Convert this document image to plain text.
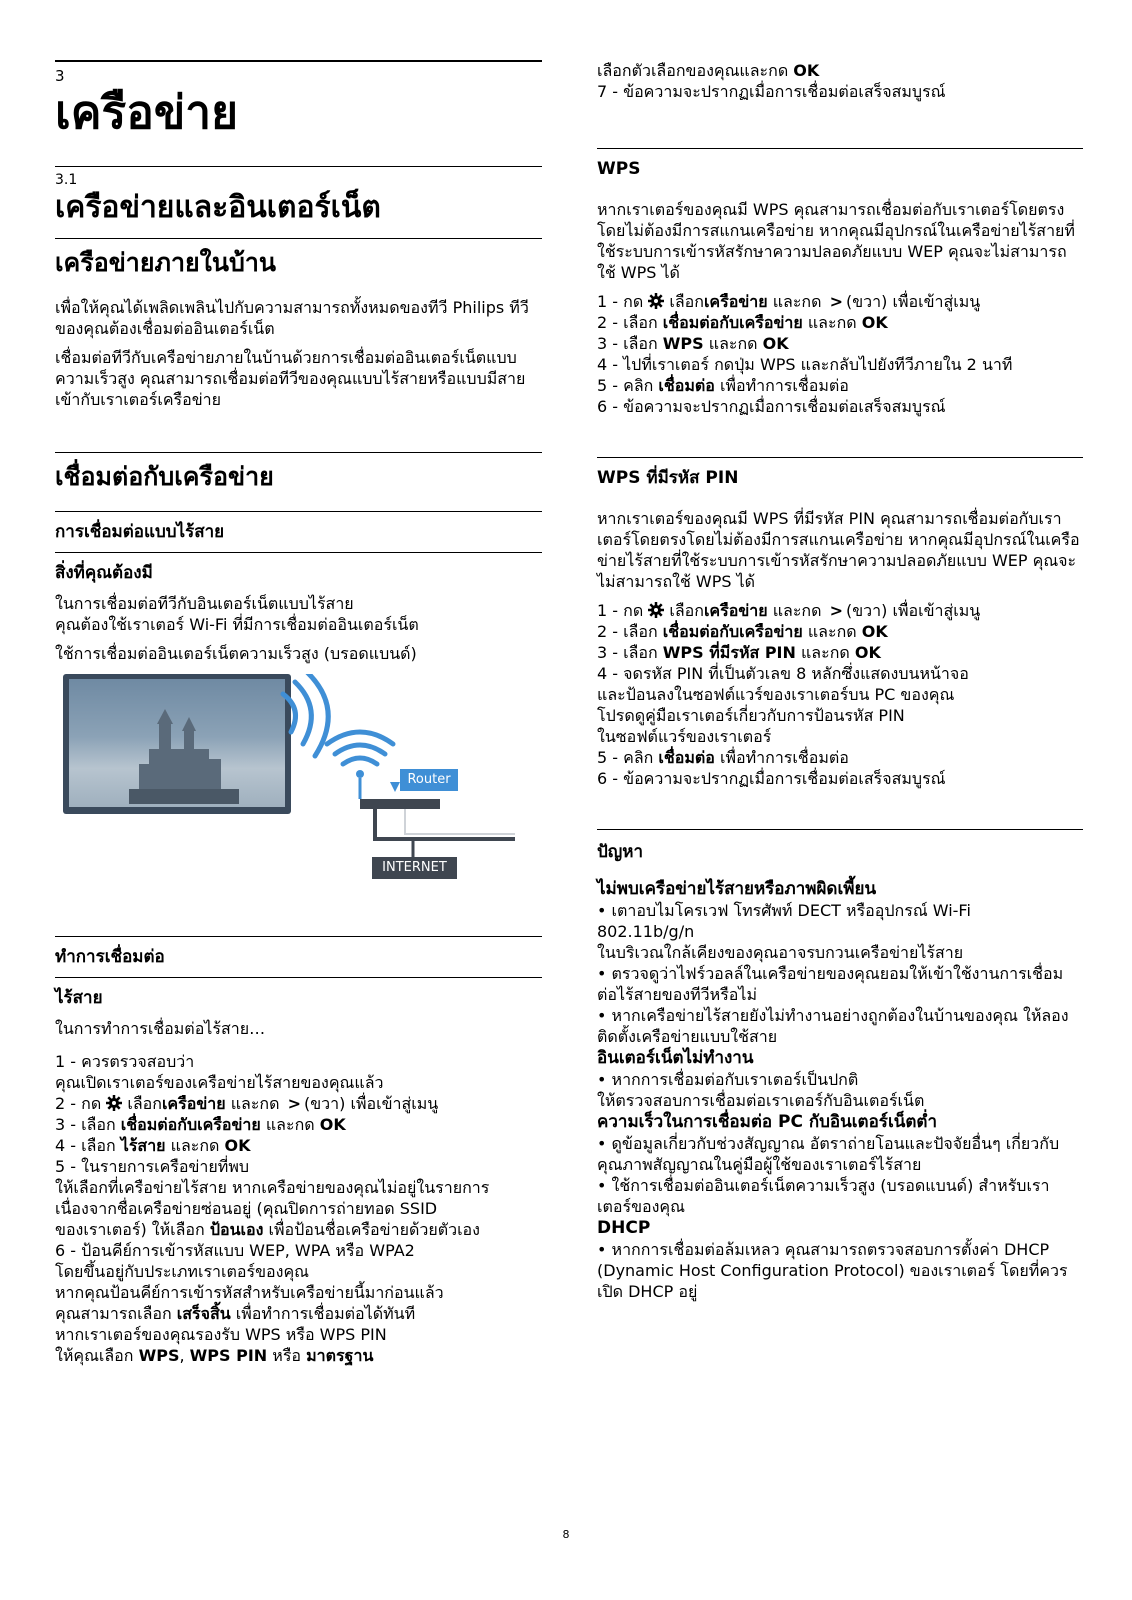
3
เครือข่าย
3.1
เครือข่ายและอินเตอร์เน็ต
เครือข่ายภายในบ้าน

เพื่อให้คุณได้เพลิดเพลินไปกับความสามารถทั้งหมดของทีวี Philips ทีวีของคุณต้องเชื่อมต่ออินเตอร์เน็ต

เชื่อมต่อทีวีกับเครือข่ายภายในบ้านด้วยการเชื่อมต่ออินเตอร์เน็ตแบบความเร็วสูง คุณสามารถเชื่อมต่อทีวีของคุณแบบไร้สายหรือแบบมีสายเข้ากับเราเตอร์เครือข่าย

เชื่อมต่อกับเครือข่าย
การเชื่อมต่อแบบไร้สาย
สิ่งที่คุณต้องมี
ในการเชื่อมต่อทีวีกับอินเตอร์เน็ตแบบไร้สาย

คุณต้องใช้เราเตอร์ Wi-Fi ที่มีการเชื่อมต่ออินเตอร์เน็ต

ใช้การเชื่อมต่ออินเตอร์เน็ตความเร็วสูง (บรอดแบนด์)

Router
INTERNET
ทำการเชื่อมต่อ
ไร้สาย

ในการทำการเชื่อมต่อไร้สาย…

1 - ควรตรวจสอบว่า
คุณเปิดเราเตอร์ของเครือข่ายไร้สายของคุณแล้ว
2 - กด  เลือกเครือข่าย และกด > (ขวา) เพื่อเข้าสู่เมนู
3 - เลือก เชื่อมต่อกับเครือข่าย และกด OK
4 - เลือก ไร้สาย และกด OK
5 - ในรายการเครือข่ายที่พบ
ให้เลือกที่เครือข่ายไร้สาย หากเครือข่ายของคุณไม่อยู่ในรายการ
เนื่องจากชื่อเครือข่ายซ่อนอยู่ (คุณปิดการถ่ายทอด SSID
ของเราเตอร์) ให้เลือก ป้อนเอง เพื่อป้อนชื่อเครือข่ายด้วยตัวเอง
6 - ป้อนคีย์การเข้ารหัสแบบ WEP, WPA หรือ WPA2
โดยขึ้นอยู่กับประเภทเราเตอร์ของคุณ
หากคุณป้อนคีย์การเข้ารหัสสำหรับเครือข่ายนี้มาก่อนแล้ว
คุณสามารถเลือก เสร็จสิ้น เพื่อทำการเชื่อมต่อได้ทันที
หากเราเตอร์ของคุณรองรับ WPS หรือ WPS PIN
ให้คุณเลือก WPS, WPS PIN หรือ มาตรฐาน
เลือกตัวเลือกของคุณและกด OK
7 - ข้อความจะปรากฏเมื่อการเชื่อมต่อเสร็จสมบูรณ์
WPS

หากเราเตอร์ของคุณมี WPS คุณสามารถเชื่อมต่อกับเราเตอร์โดยตรงโดยไม่ต้องมีการสแกนเครือข่าย หากคุณมีอุปกรณ์ในเครือข่ายไร้สายที่ใช้ระบบการเข้ารหัสรักษาความปลอดภัยแบบ WEP คุณจะไม่สามารถใช้ WPS ได้

1 - กด  เลือกเครือข่าย และกด > (ขวา) เพื่อเข้าสู่เมนู
2 - เลือก เชื่อมต่อกับเครือข่าย และกด OK
3 - เลือก WPS และกด OK
4 - ไปที่เราเตอร์ กดปุ่ม WPS และกลับไปยังทีวีภายใน 2 นาที
5 - คลิก เชื่อมต่อ เพื่อทำการเชื่อมต่อ
6 - ข้อความจะปรากฏเมื่อการเชื่อมต่อเสร็จสมบูรณ์
WPS ที่มีรหัส PIN

หากเราเตอร์ของคุณมี WPS ที่มีรหัส PIN คุณสามารถเชื่อมต่อกับเราเตอร์โดยตรงโดยไม่ต้องมีการสแกนเครือข่าย หากคุณมีอุปกรณ์ในเครือข่ายไร้สายที่ใช้ระบบการเข้ารหัสรักษาความปลอดภัยแบบ WEP คุณจะไม่สามารถใช้ WPS ได้

1 - กด  เลือกเครือข่าย และกด > (ขวา) เพื่อเข้าสู่เมนู
2 - เลือก เชื่อมต่อกับเครือข่าย และกด OK
3 - เลือก WPS ที่มีรหัส PIN และกด OK
4 - จดรหัส PIN ที่เป็นตัวเลข 8 หลักซึ่งแสดงบนหน้าจอ
และป้อนลงในซอฟต์แวร์ของเราเตอร์บน PC ของคุณ
โปรดดูคู่มือเราเตอร์เกี่ยวกับการป้อนรหัส PIN
ในซอฟต์แวร์ของเราเตอร์
5 - คลิก เชื่อมต่อ เพื่อทำการเชื่อมต่อ
6 - ข้อความจะปรากฏเมื่อการเชื่อมต่อเสร็จสมบูรณ์
ปัญหา
ไม่พบเครือข่ายไร้สายหรือภาพผิดเพี้ยน
• เตาอบไมโครเวฟ โทรศัพท์ DECT หรืออุปกรณ์ Wi-Fi
802.11b/g/n
ในบริเวณใกล้เคียงของคุณอาจรบกวนเครือข่ายไร้สาย
• ตรวจดูว่าไฟร์วอลล์ในเครือข่ายของคุณยอมให้เข้าใช้งานการเชื่อมต่อไร้สายของทีวีหรือไม่
• หากเครือข่ายไร้สายยังไม่ทำงานอย่างถูกต้องในบ้านของคุณ ให้ลองติดตั้งเครือข่ายแบบใช้สาย
อินเตอร์เน็ตไม่ทำงาน
• หากการเชื่อมต่อกับเราเตอร์เป็นปกติ
ให้ตรวจสอบการเชื่อมต่อเราเตอร์กับอินเตอร์เน็ต
ความเร็วในการเชื่อมต่อ PC กับอินเตอร์เน็ตต่ำ
• ดูข้อมูลเกี่ยวกับช่วงสัญญาณ อัตราถ่ายโอนและปัจจัยอื่นๆ เกี่ยวกับคุณภาพสัญญาณในคู่มือผู้ใช้ของเราเตอร์ไร้สาย
• ใช้การเชื่อมต่ออินเตอร์เน็ตความเร็วสูง (บรอดแบนด์) สำหรับเราเตอร์ของคุณ
DHCP
• หากการเชื่อมต่อล้มเหลว คุณสามารถตรวจสอบการตั้งค่า DHCP (Dynamic Host Configuration Protocol) ของเราเตอร์ โดยที่ควรเปิด DHCP อยู่
8
